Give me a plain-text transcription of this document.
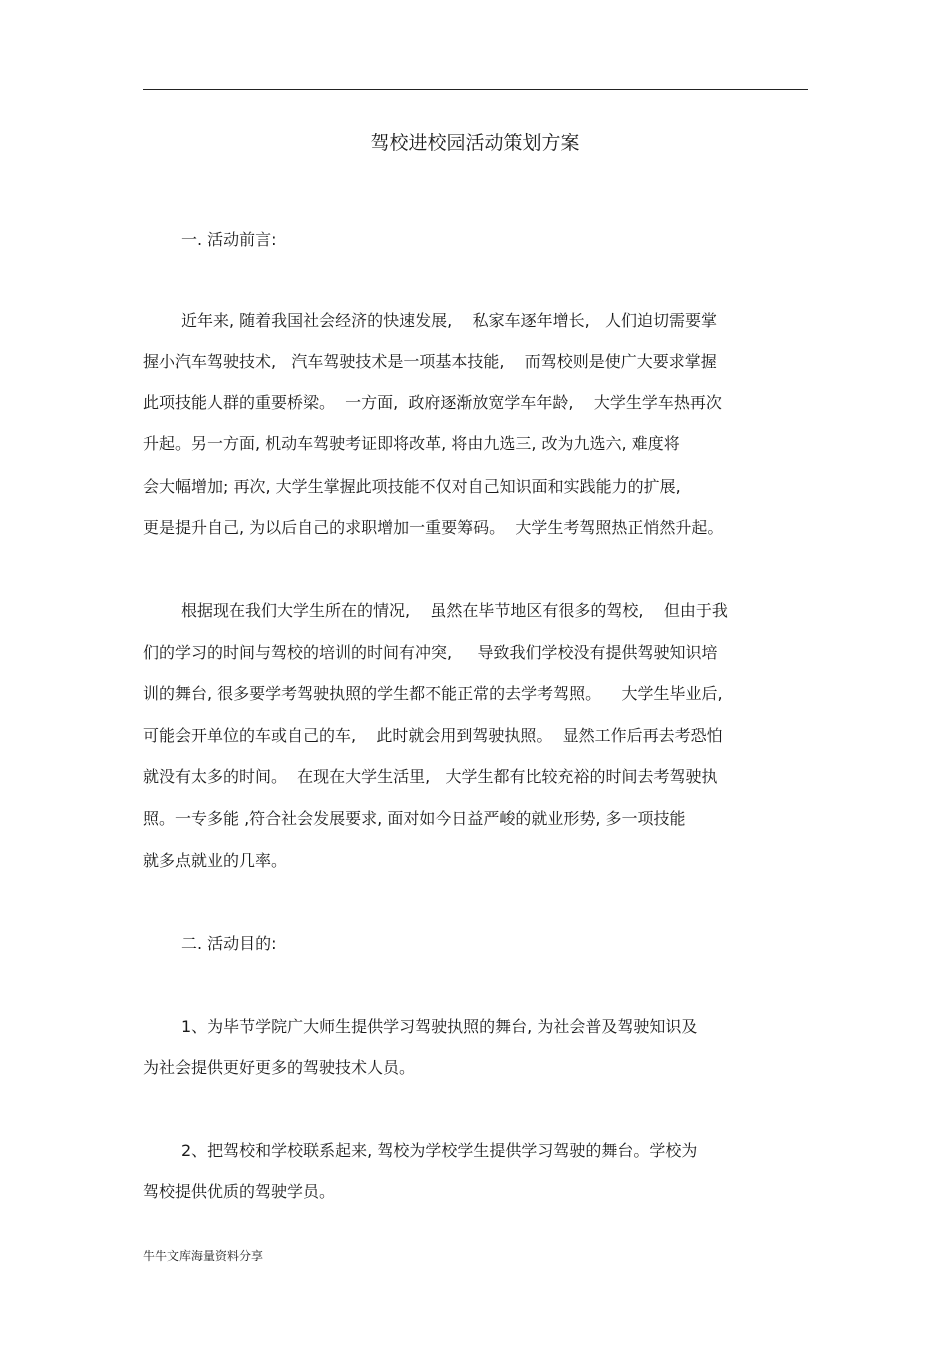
驾校进校园活动策划方案
一. 活动前言:
近年来, 随着我国社会经济的快速发展,    私家车逐年增长,   人们迫切需要掌
握小汽车驾驶技术,   汽车驾驶技术是一项基本技能,    而驾校则是使广大要求掌握
此项技能人群的重要桥梁。  一方面,  政府逐渐放宽学车年龄,    大学生学车热再次
升起。另一方面, 机动车驾驶考证即将改革, 将由九选三, 改为九选六, 难度将
会大幅增加; 再次, 大学生掌握此项技能不仅对自己知识面和实践能力的扩展,
更是提升自己, 为以后自己的求职增加一重要筹码。  大学生考驾照热正悄然升起。
根据现在我们大学生所在的情况,    虽然在毕节地区有很多的驾校,    但由于我
们的学习的时间与驾校的培训的时间有冲突,     导致我们学校没有提供驾驶知识培
训的舞台, 很多要学考驾驶执照的学生都不能正常的去学考驾照。    大学生毕业后,
可能会开单位的车或自己的车,    此时就会用到驾驶执照。  显然工作后再去考恐怕
就没有太多的时间。  在现在大学生活里,   大学生都有比较充裕的时间去考驾驶执
照。一专多能 ,符合社会发展要求, 面对如今日益严峻的就业形势, 多一项技能
就多点就业的几率。
二. 活动目的:
1、为毕节学院广大师生提供学习驾驶执照的舞台, 为社会普及驾驶知识及
为社会提供更好更多的驾驶技术人员。
2、把驾校和学校联系起来, 驾校为学校学生提供学习驾驶的舞台。学校为
驾校提供优质的驾驶学员。
牛牛文库海量资料分享
